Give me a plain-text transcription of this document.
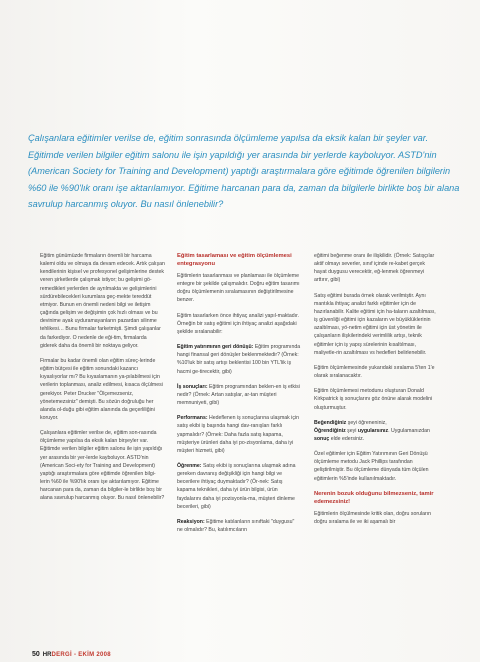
Çalışanlara eğitimler verilse de, eğitim sonrasında ölçümleme yapılsa da eksik kalan bir şeyler var. Eğitimde verilen bilgiler eğitim salonu ile işin yapıldığı yer arasında bir yerlerde kayboluyor. ASTD'nin (American Society for Training and Development) yaptığı araştırmalara göre eğitimde öğrenilen bilgilerin %60 ile %90'lık oranı işe aktarılamıyor. Eğitime harcanan para da, zaman da bilgilerle birlikte boş bir alana savrulup harcanmış oluyor. Bu nasıl önlenebilir?

Eğitim günümüzde firmaların önemli bir harcama kalemi oldu ve olmaya da devam edecek. Artık çalışan kendilerinin kişisel ve profesyonel gelişimlerine destek veren şirketlerde çalışmak istiyor; bu gelişimi gö-remedikleri yerlerden de ayrılmakta ve gelişimlerini sürdürebilecekleri kurumlara geç-mekte tereddüt etmiyor. Bunun en önemli nedeni bilgi ve iletişim çağında gelişim ve değişimin çok hızlı olması ve bu devinime ayak uyduramayanların pazardan silinme tehlikesi… Bunu firmalar farketmişti. Şimdi çalışanlar da farkediyor. O nedenle de eği-tim, firmalarda giderek daha da önemli bir noktaya geliyor.

Firmalar bu kadar önemli olan eğitim süreç-lerinde eğitim bütçesi ile eğitim sonundaki kazancı kıyaslıyorlar mı? Bu kıyaslamanın ya-pılabilmesi için verilerin toplanması, analiz edilmesi, kısaca ölçülmesi gerekiyor. Peter Drucker "Ölçemezseniz, yönetemezsiniz" demişti. Bu sözün doğruluğu her alanda ol-duğu gibi eğitim alanında da geçerliliğini koruyor.

Çalışanlara eğitimler verilse de, eğitim son-rasında ölçümleme yapılsa da eksik kalan birşeyler var. Eğitimde verilen bilgiler eğitim salonu ile işin yapıldığı yer arasında bir yer-lerde kayboluyor. ASTD'nin (American Soci-ety for Training and Development) yaptığı araştırmalara göre eğitimde öğrenilen bilgi-lerin %60 ile %90'lık oranı işe aktarılamıyor. Eğitime harcanan para da, zaman da bilgiler-le birlikte boş bir alana savrulup harcanmış oluyor. Bu nasıl önlenebilir?

Eğitim tasarlaması ve eğitim ölçümlemesi entegrasyonu

Eğitimlerin tasarlanması ve planlaması ile ölçümleme entegre bir şekilde çalışmalıdır. Doğru eğitim tasarımı doğru ölçümlemenin sıralamasının değiştirilmesine benzer.

Eğitim tasarlarken önce ihtiyaç analizi yapıl-maktadır. Örneğin bir satış eğitimi için ihtiyaç analizi aşağıdaki şekilde sıralanabilir:

Eğitim yatırımının geri dönüşü: Eğitim programında hangi finansal geri dönüşler beklenmektedir? (Örnek: %10'luk bir satış artışı beklentisi 100 bin YTL'lik iş hacmi ge-tirecektir, gibi)

İş sonuçları: Eğitim programından beklen-en iş etkisi nedir? (Örnek: Artan satışlar, ar-tan müşteri memnuniyeti, gibi)

Performans: Hedeflenen iş sonuçlarına ulaşmak için satış ekibi iş başında hangi dav-ranışları farklı yapmalıdır? (Örnek: Daha fazla satış kapama, müşteriye ürünleri daha iyi po-zisyonlama, daha iyi müşteri hizmeti, gibi)

Öğrenme: Satış ekibi iş sonuçlarına ulaşmak adına gereken davranış değişikliği için hangi bilgi ve becerilere ihtiyaç duymaktadır? (Ör-nek: Satış kapama teknikleri, daha iyi ürün bilgisi, ürün faydalarını daha iyi pozisyonla-ma, müşteri dinleme becerileri, gibi)

Reaksiyon: Eğitime katılanların sınıftaki "duygusu" ne olmalıdır? Bu, katılımcıların

eğitimi beğenme oranı ile ilişkilidir. (Örnek: Satışçılar aktif olmayı severler, sınıf içinde re-kabet gerçek hayat duygusu verecektir, eğ-lenmek öğrenmeyi arttırır, gibi)

Satış eğitimi burada örnek olarak verilmiştir. Aynı mantıkla ihtiyaç analizi farklı eğitimler için de hazırlanabilir. Kalite eğitimi için ha-taların azaltılması, iş güvenliği eğitimi için kazaların ve büyüklüklerinin azaltılması, yö-netim eğitimi için üst yönetim ile çalışanların ilişkilerindeki verimlilik artışı, teknik eğitimler için iş yapış sürelerinin kısaltılması, maliyetle-rin azaltılması vs hedefleri belirlenebilir.

Eğitim ölçümlemesinde yukarıdaki sıralama 5'ten 1'e olarak sıralanacaktır.

Eğitim ölçümlemesi metodunu oluşturan Donald Kirkpatrick iş sonuçlarını göz önüne alarak modelini oluşturmuştur.

Beğendiğiniz şeyi öğreneniniz,
Öğrendiğiniz şeyi uygularsınız. Uygulamanızdan sonuç elde edersiniz.

Özel eğitimler için Eğitim Yatırımının Geri Dönüşü ölçümleme metodu Jack Phillips tarafından geliştirilmiştir. Bu ölçümleme dünyada tüm ölçülen eğitimlerin %5'inde kullanılmaktadır.

Nerenin bozuk olduğunu bilmezseniz, tamir edemezsiniz!

Eğitimlerin ölçülmesinde kritik olan, doğru soruların doğru sıralama ile ve iki aşamalı bir

50 HRDERGİ - EKİM 2008
